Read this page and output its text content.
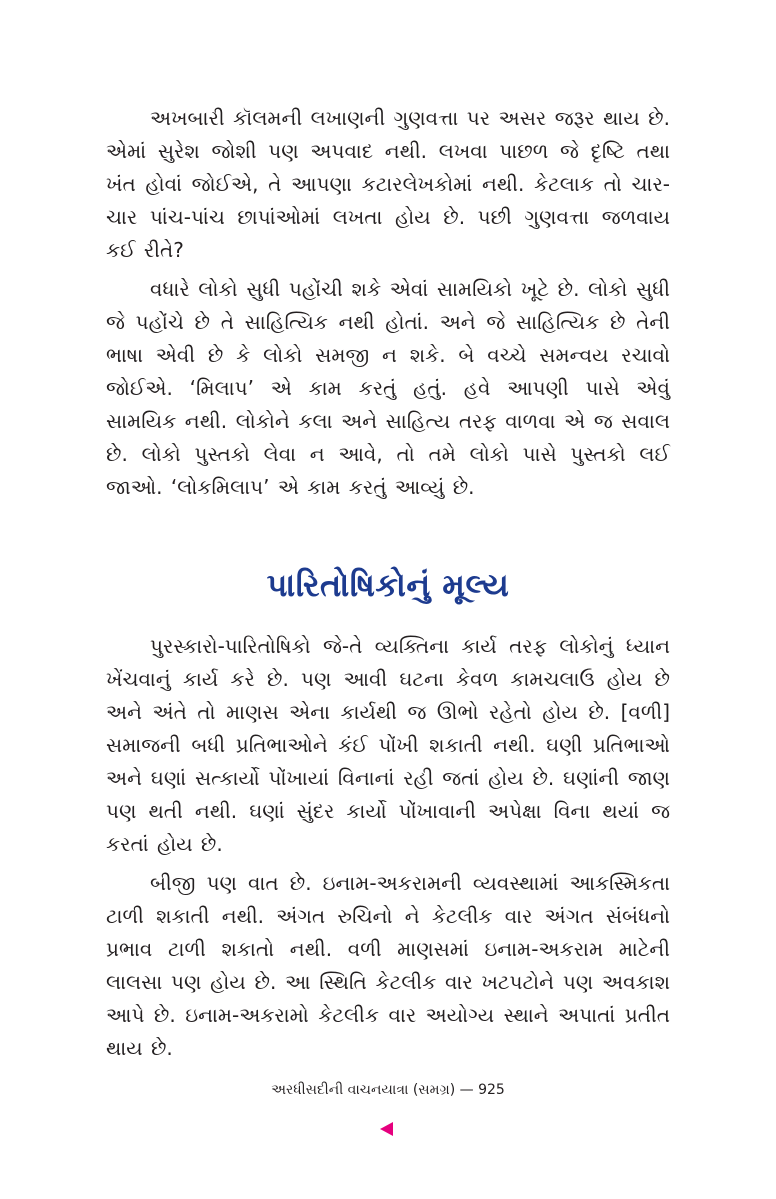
અખબારી કૉલમની લખાણની ગુણવત્તા પર અસર જરૂર થાય છે. એમાં સુરેશ જોશી પણ અપવાદ નથી. લખવા પાછળ જે દૃષ્ટિ તથા ખંત હોવાં જોઈએ, તે આપણા કટારલેખકોમાં નથી. કેટલાક તો ચાર-ચાર પાંચ-પાંચ છાપાંઓમાં લખતા હોય છે. પછી ગુણવત્તા જળવાય કઈ રીતે?

વધારે લોકો સુધી પહોંચી શકે એવાં સામયિકો ખૂટે છે. લોકો સુધી જે પહોંચે છે તે સાહિત્યિક નથી હોતાં. અને જે સાહિત્યિક છે તેની ભાષા એવી છે કે લોકો સમજી ન શકે. બે વચ્ચે સમન્વય રચાવો જોઈએ. ‘મિલાપ’ એ કામ કરતું હતું. હવે આપણી પાસે એવું સામયિક નથી. લોકોને કલા અને સાહિત્ય તરફ વાળવા એ જ સવાલ છે. લોકો પુસ્તકો લેવા ન આવે, તો તમે લોકો પાસે પુસ્તકો લઈ જાઓ. ‘લોકમિલાપ’ એ કામ કરતું આવ્યું છે.

પારિતોષિકોનું મૂલ્ય

પુરસ્કારો-પારિતોષિકો જે-તે વ્યક્તિના કાર્ય તરફ લોકોનું ધ્યાન ખેંચવાનું કાર્ય કરે છે. પણ આવી ઘટના કેવળ કામચલાઉ હોય છે અને અંતે તો માણસ એના કાર્યથી જ ઊભો રહેતો હોય છે. [વળી] સમાજની બધી પ્રતિભાઓને કંઈ પોંખી શકાતી નથી. ઘણી પ્રતિભાઓ અને ઘણાં સત્કાર્યો પોંખાયાં વિનાનાં રહી જતાં હોય છે. ઘણાંની જાણ પણ થતી નથી. ઘણાં સુંદર કાર્યો પોંખાવાની અપેક્ષા વિના થયાં જ કરતાં હોય છે.

બીજી પણ વાત છે. ઇનામ-અકરામની વ્યવસ્થામાં આકસ્મિકતા ટાળી શકાતી નથી. અંગત રુચિનો ને કેટલીક વાર અંગત સંબંધનો પ્રભાવ ટાળી શકાતો નથી. વળી માણસમાં ઇનામ-અકરામ માટેની લાલસા પણ હોય છે. આ સ્થિતિ કેટલીક વાર ખટપટોને પણ અવકાશ આપે છે. ઇનામ-અકરામો કેટલીક વાર અયોગ્ય સ્થાને અપાતાં પ્રતીત થાય છે.

અરધીસદીની વાચનયાત્રા (સમગ્ર) — 925
